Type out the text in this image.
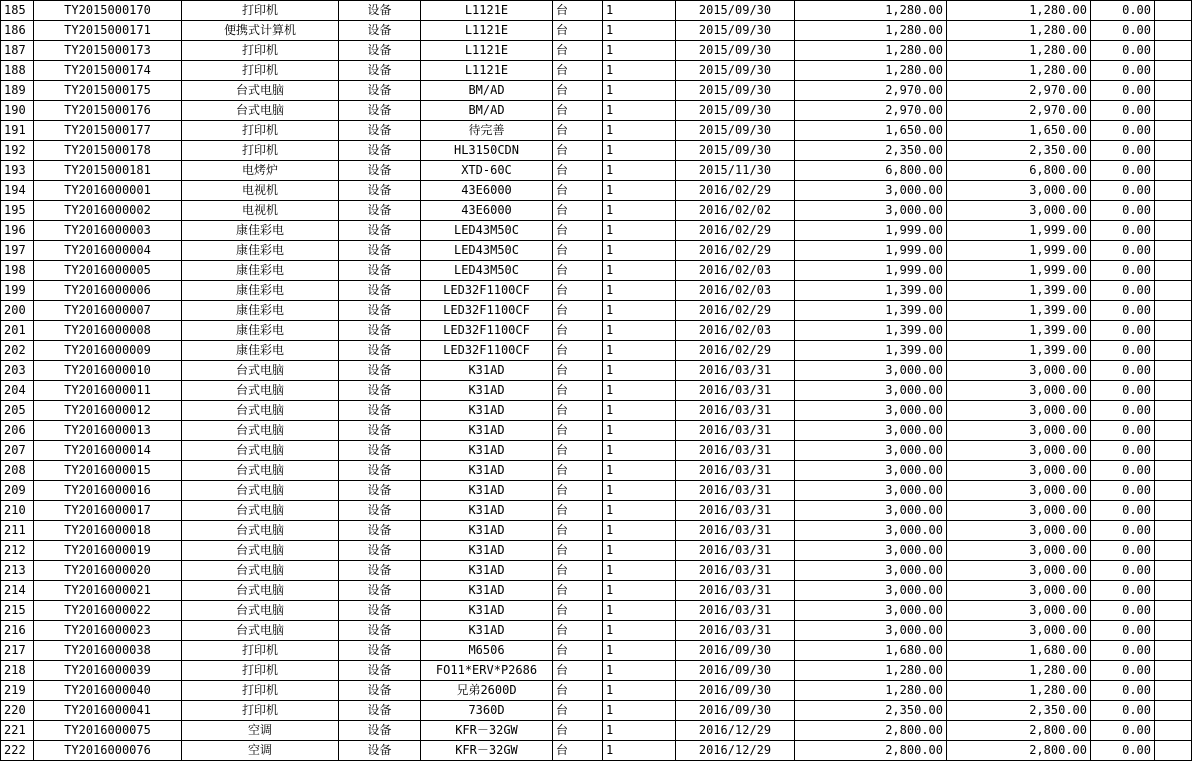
185	TY2015000170	打印机	设备	L1121E	台	1	2015/09/30	1,280.00	1,280.00	0.00	
186	TY2015000171	便携式计算机	设备	L1121E	台	1	2015/09/30	1,280.00	1,280.00	0.00	
187	TY2015000173	打印机	设备	L1121E	台	1	2015/09/30	1,280.00	1,280.00	0.00	
188	TY2015000174	打印机	设备	L1121E	台	1	2015/09/30	1,280.00	1,280.00	0.00	
189	TY2015000175	台式电脑	设备	BM/AD	台	1	2015/09/30	2,970.00	2,970.00	0.00	
190	TY2015000176	台式电脑	设备	BM/AD	台	1	2015/09/30	2,970.00	2,970.00	0.00	
191	TY2015000177	打印机	设备	待完善	台	1	2015/09/30	1,650.00	1,650.00	0.00	
192	TY2015000178	打印机	设备	HL3150CDN	台	1	2015/09/30	2,350.00	2,350.00	0.00	
193	TY2015000181	电烤炉	设备	XTD-60C	台	1	2015/11/30	6,800.00	6,800.00	0.00	
194	TY2016000001	电视机	设备	43E6000	台	1	2016/02/29	3,000.00	3,000.00	0.00	
195	TY2016000002	电视机	设备	43E6000	台	1	2016/02/02	3,000.00	3,000.00	0.00	
196	TY2016000003	康佳彩电	设备	LED43M50C	台	1	2016/02/29	1,999.00	1,999.00	0.00	
197	TY2016000004	康佳彩电	设备	LED43M50C	台	1	2016/02/29	1,999.00	1,999.00	0.00	
198	TY2016000005	康佳彩电	设备	LED43M50C	台	1	2016/02/03	1,999.00	1,999.00	0.00	
199	TY2016000006	康佳彩电	设备	LED32F1100CF	台	1	2016/02/03	1,399.00	1,399.00	0.00	
200	TY2016000007	康佳彩电	设备	LED32F1100CF	台	1	2016/02/29	1,399.00	1,399.00	0.00	
201	TY2016000008	康佳彩电	设备	LED32F1100CF	台	1	2016/02/03	1,399.00	1,399.00	0.00	
202	TY2016000009	康佳彩电	设备	LED32F1100CF	台	1	2016/02/29	1,399.00	1,399.00	0.00	
203	TY2016000010	台式电脑	设备	K31AD	台	1	2016/03/31	3,000.00	3,000.00	0.00	
204	TY2016000011	台式电脑	设备	K31AD	台	1	2016/03/31	3,000.00	3,000.00	0.00	
205	TY2016000012	台式电脑	设备	K31AD	台	1	2016/03/31	3,000.00	3,000.00	0.00	
206	TY2016000013	台式电脑	设备	K31AD	台	1	2016/03/31	3,000.00	3,000.00	0.00	
207	TY2016000014	台式电脑	设备	K31AD	台	1	2016/03/31	3,000.00	3,000.00	0.00	
208	TY2016000015	台式电脑	设备	K31AD	台	1	2016/03/31	3,000.00	3,000.00	0.00	
209	TY2016000016	台式电脑	设备	K31AD	台	1	2016/03/31	3,000.00	3,000.00	0.00	
210	TY2016000017	台式电脑	设备	K31AD	台	1	2016/03/31	3,000.00	3,000.00	0.00	
211	TY2016000018	台式电脑	设备	K31AD	台	1	2016/03/31	3,000.00	3,000.00	0.00	
212	TY2016000019	台式电脑	设备	K31AD	台	1	2016/03/31	3,000.00	3,000.00	0.00	
213	TY2016000020	台式电脑	设备	K31AD	台	1	2016/03/31	3,000.00	3,000.00	0.00	
214	TY2016000021	台式电脑	设备	K31AD	台	1	2016/03/31	3,000.00	3,000.00	0.00	
215	TY2016000022	台式电脑	设备	K31AD	台	1	2016/03/31	3,000.00	3,000.00	0.00	
216	TY2016000023	台式电脑	设备	K31AD	台	1	2016/03/31	3,000.00	3,000.00	0.00	
217	TY2016000038	打印机	设备	M6506	台	1	2016/09/30	1,680.00	1,680.00	0.00	
218	TY2016000039	打印机	设备	FO11*ERV*P2686	台	1	2016/09/30	1,280.00	1,280.00	0.00	
219	TY2016000040	打印机	设备	兄弟2600D	台	1	2016/09/30	1,280.00	1,280.00	0.00	
220	TY2016000041	打印机	设备	7360D	台	1	2016/09/30	2,350.00	2,350.00	0.00	
221	TY2016000075	空调	设备	KFR－32GW	台	1	2016/12/29	2,800.00	2,800.00	0.00	
222	TY2016000076	空调	设备	KFR－32GW	台	1	2016/12/29	2,800.00	2,800.00	0.00	
